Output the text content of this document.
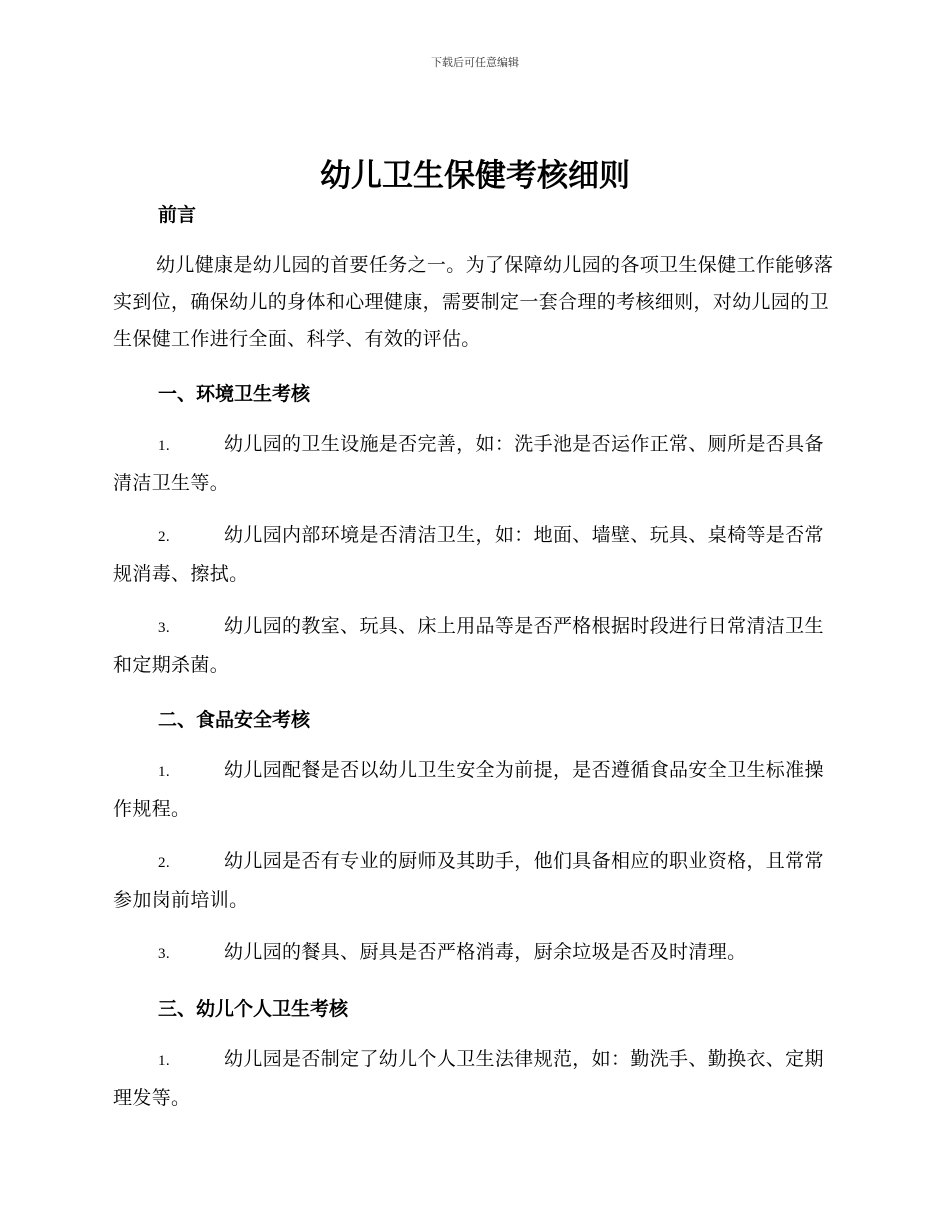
下载后可任意编辑
幼儿卫生保健考核细则
前言
幼儿健康是幼儿园的首要任务之一。为了保障幼儿园的各项卫生保健工作能够落实到位，确保幼儿的身体和心理健康，需要制定一套合理的考核细则，对幼儿园的卫生保健工作进行全面、科学、有效的评估。
一、环境卫生考核
1.	幼儿园的卫生设施是否完善，如：洗手池是否运作正常、厕所是否具备清洁卫生等。
2.	幼儿园内部环境是否清洁卫生，如：地面、墙壁、玩具、桌椅等是否常规消毒、擦拭。
3.	幼儿园的教室、玩具、床上用品等是否严格根据时段进行日常清洁卫生和定期杀菌。
二、食品安全考核
1.	幼儿园配餐是否以幼儿卫生安全为前提，是否遵循食品安全卫生标准操作规程。
2.	幼儿园是否有专业的厨师及其助手，他们具备相应的职业资格，且常常参加岗前培训。
3.	幼儿园的餐具、厨具是否严格消毒，厨余垃圾是否及时清理。
三、幼儿个人卫生考核
1.	幼儿园是否制定了幼儿个人卫生法律规范，如：勤洗手、勤换衣、定期理发等。
